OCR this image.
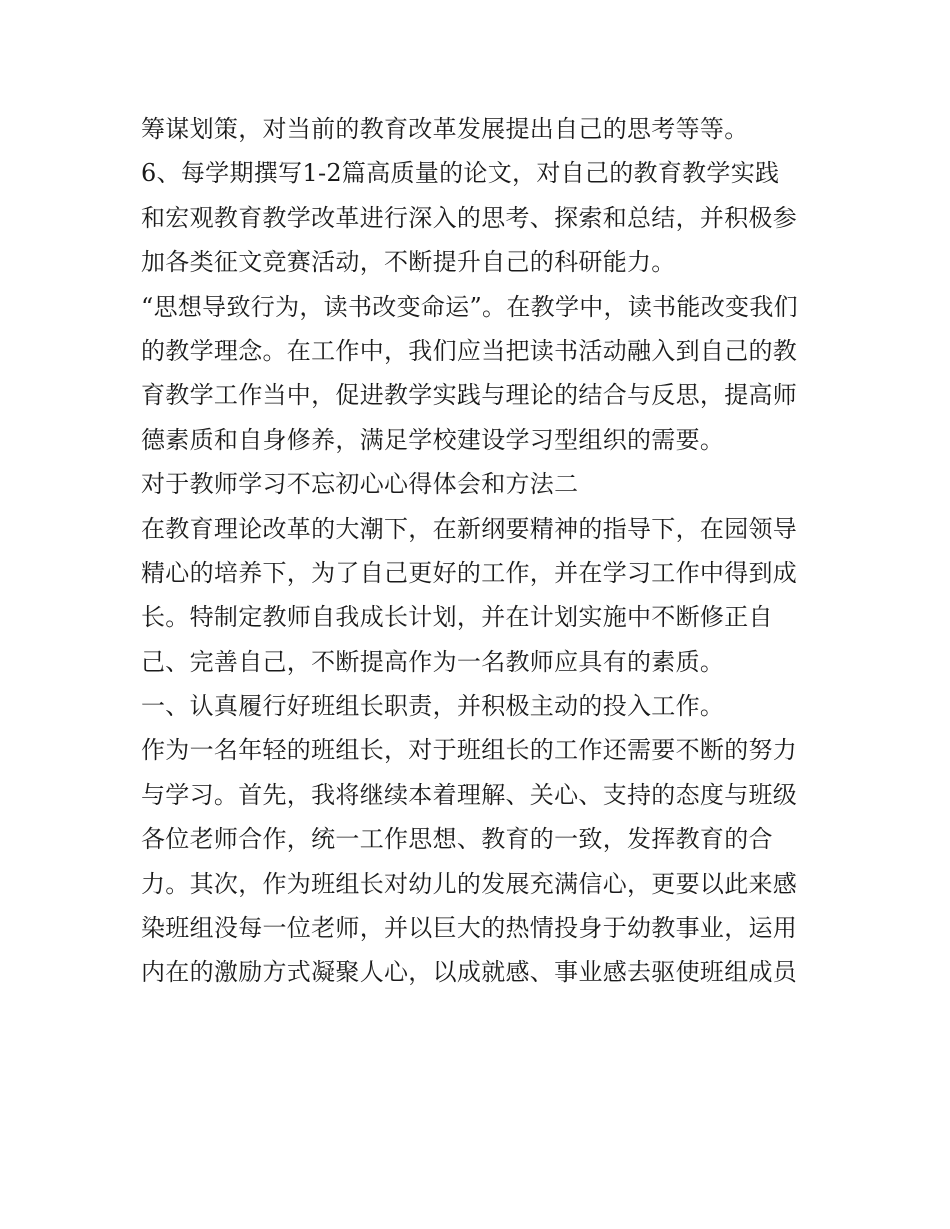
筹谋划策，对当前的教育改革发展提出自己的思考等等。
6、每学期撰写1-2篇高质量的论文，对自己的教育教学实践
和宏观教育教学改革进行深入的思考、探索和总结，并积极参
加各类征文竞赛活动，不断提升自己的科研能力。
“思想导致行为，读书改变命运”。在教学中，读书能改变我们
的教学理念。在工作中，我们应当把读书活动融入到自己的教
育教学工作当中，促进教学实践与理论的结合与反思，提高师
德素质和自身修养，满足学校建设学习型组织的需要。
对于教师学习不忘初心心得体会和方法二
在教育理论改革的大潮下，在新纲要精神的指导下，在园领导
精心的培养下，为了自己更好的工作，并在学习工作中得到成
长。特制定教师自我成长计划，并在计划实施中不断修正自
己、完善自己，不断提高作为一名教师应具有的素质。
一、认真履行好班组长职责，并积极主动的投入工作。
作为一名年轻的班组长，对于班组长的工作还需要不断的努力
与学习。首先，我将继续本着理解、关心、支持的态度与班级
各位老师合作，统一工作思想、教育的一致，发挥教育的合
力。其次，作为班组长对幼儿的发展充满信心，更要以此来感
染班组没每一位老师，并以巨大的热情投身于幼教事业，运用
内在的激励方式凝聚人心，以成就感、事业感去驱使班组成员
